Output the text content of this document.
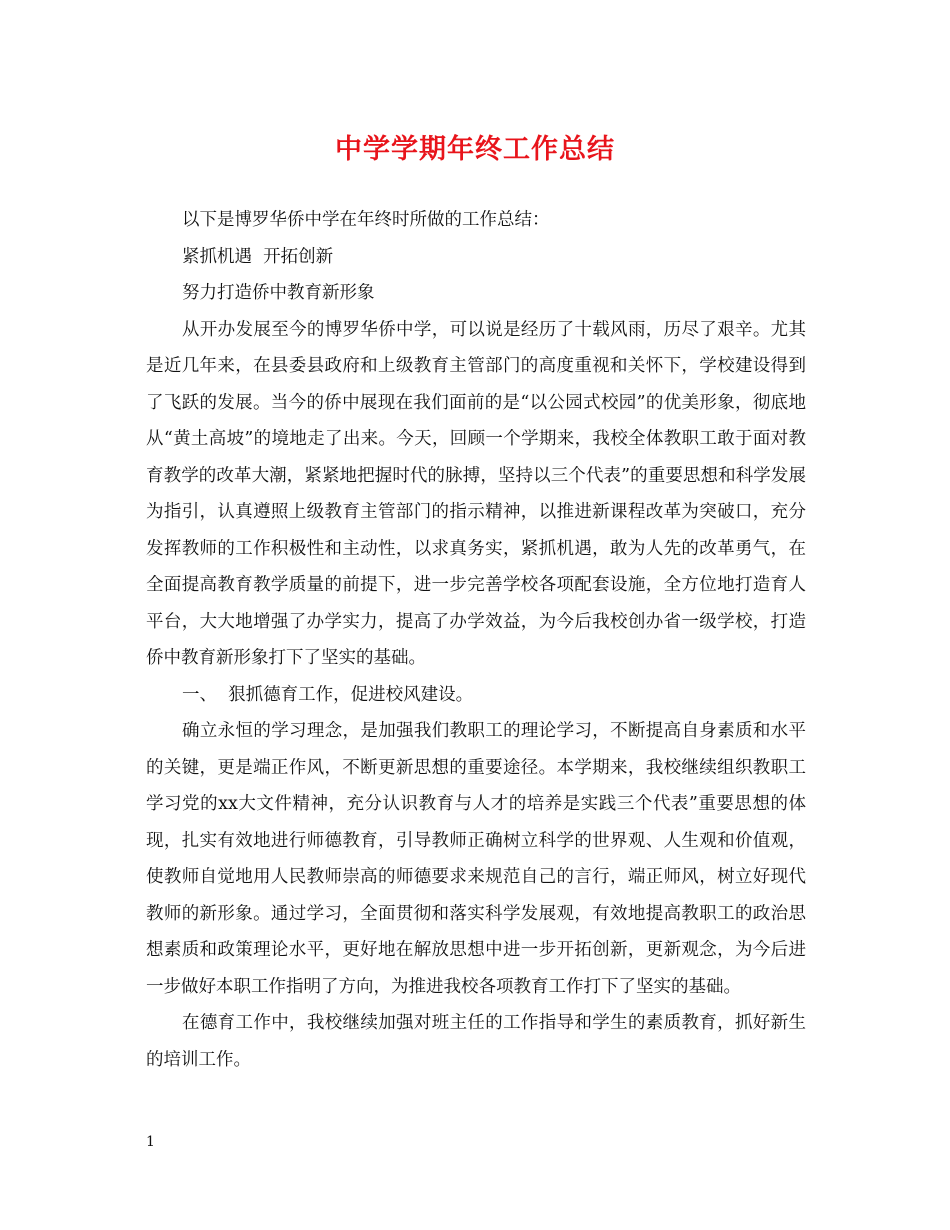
中学学期年终工作总结

以下是博罗华侨中学在年终时所做的工作总结：

紧抓机遇  开拓创新

努力打造侨中教育新形象

从开办发展至今的博罗华侨中学，可以说是经历了十载风雨，历尽了艰辛。尤其是近几年来，在县委县政府和上级教育主管部门的高度重视和关怀下，学校建设得到了飞跃的发展。当今的侨中展现在我们面前的是“以公园式校园”的优美形象，彻底地从“黄土高坡”的境地走了出来。今天，回顾一个学期来，我校全体教职工敢于面对教育教学的改革大潮，紧紧地把握时代的脉搏，坚持以三个代表”的重要思想和科学发展为指引，认真遵照上级教育主管部门的指示精神，以推进新课程改革为突破口，充分发挥教师的工作积极性和主动性，以求真务实，紧抓机遇，敢为人先的改革勇气，在全面提高教育教学质量的前提下，进一步完善学校各项配套设施，全方位地打造育人平台，大大地增强了办学实力，提高了办学效益，为今后我校创办省一级学校，打造侨中教育新形象打下了坚实的基础。

一、  狠抓德育工作，促进校风建设。

确立永恒的学习理念，是加强我们教职工的理论学习，不断提高自身素质和水平的关键，更是端正作风，不断更新思想的重要途径。本学期来，我校继续组织教职工学习党的xx大文件精神，充分认识教育与人才的培养是实践三个代表”重要思想的体现，扎实有效地进行师德教育，引导教师正确树立科学的世界观、人生观和价值观，使教师自觉地用人民教师崇高的师德要求来规范自己的言行，端正师风，树立好现代教师的新形象。通过学习，全面贯彻和落实科学发展观，有效地提高教职工的政治思想素质和政策理论水平，更好地在解放思想中进一步开拓创新，更新观念，为今后进一步做好本职工作指明了方向，为推进我校各项教育工作打下了坚实的基础。

在德育工作中，我校继续加强对班主任的工作指导和学生的素质教育，抓好新生的培训工作。

1
